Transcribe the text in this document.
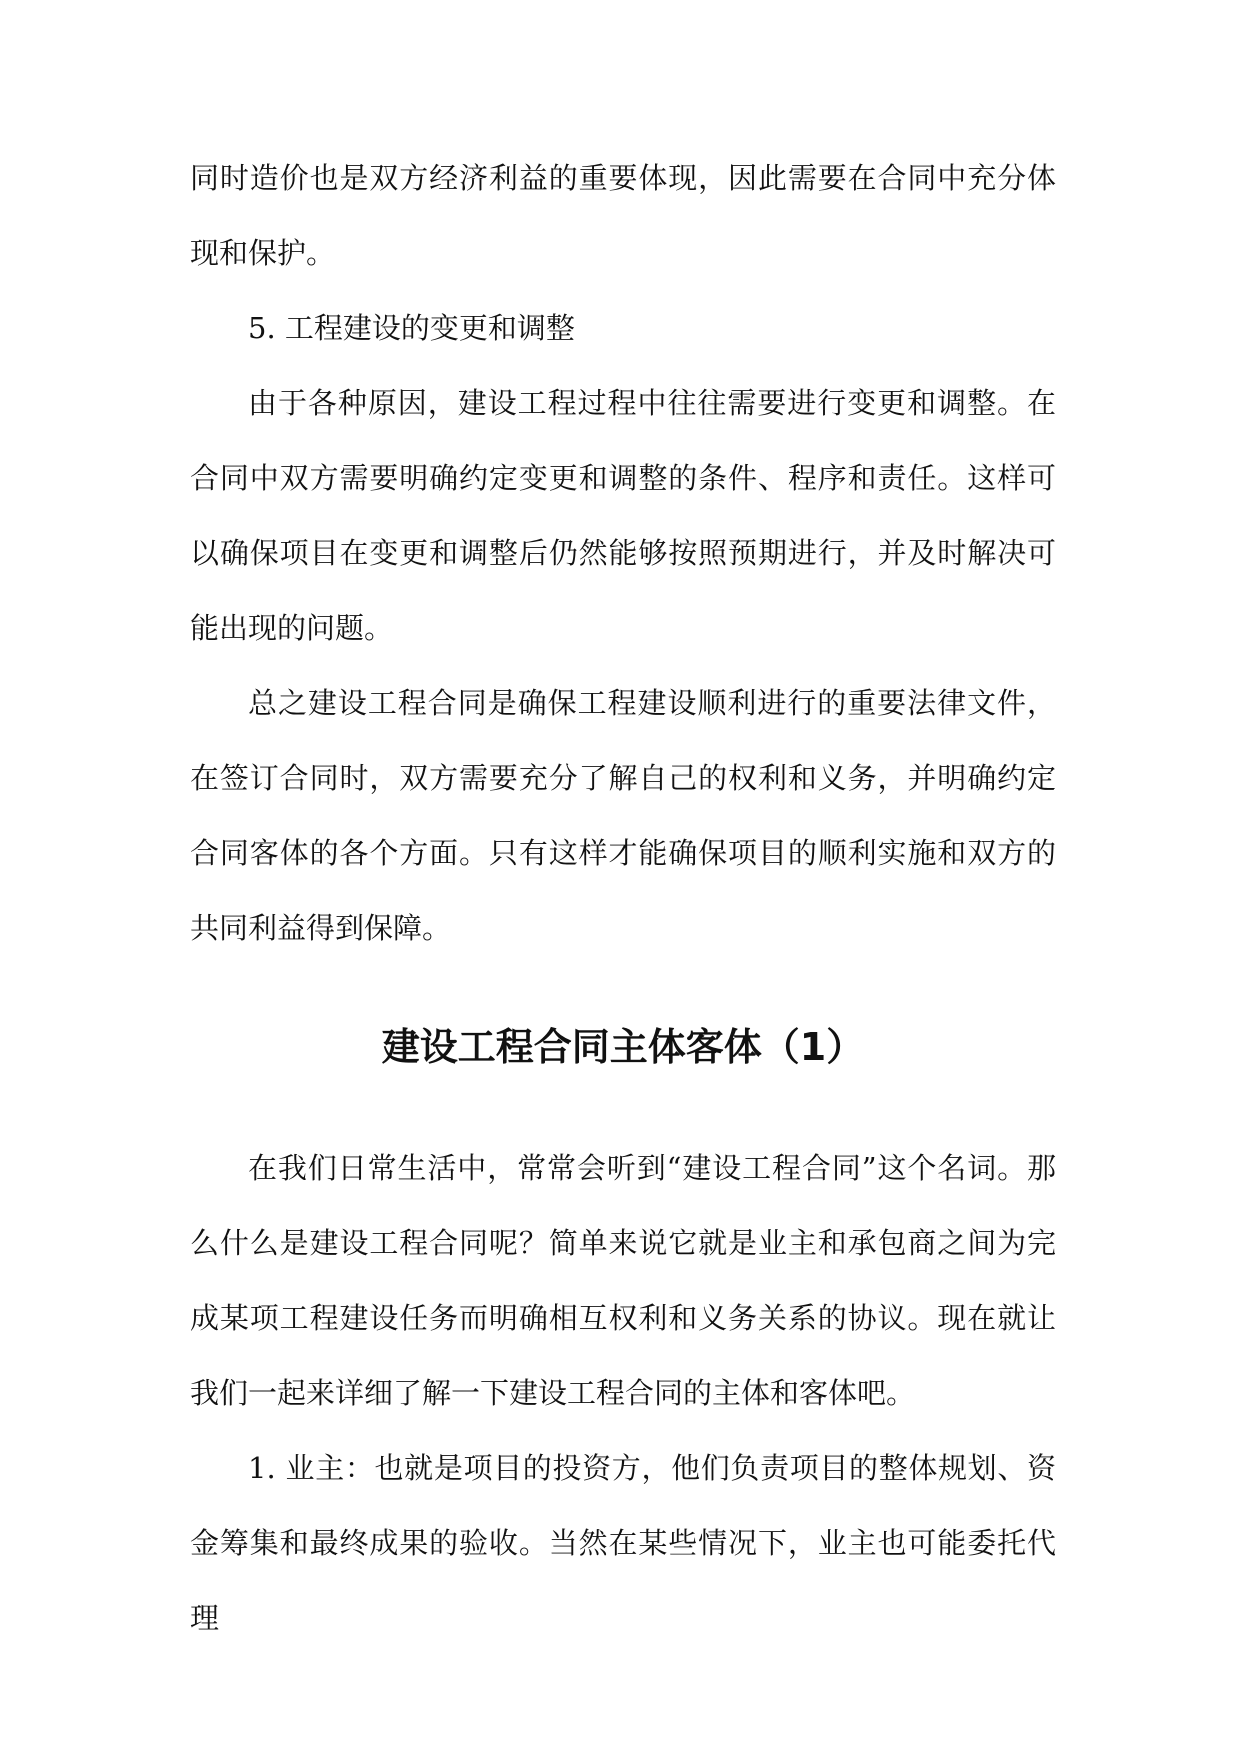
同时造价也是双方经济利益的重要体现，因此需要在合同中充分体现和保护。

5. 工程建设的变更和调整

由于各种原因，建设工程过程中往往需要进行变更和调整。在合同中双方需要明确约定变更和调整的条件、程序和责任。这样可以确保项目在变更和调整后仍然能够按照预期进行，并及时解决可能出现的问题。

总之建设工程合同是确保工程建设顺利进行的重要法律文件，在签订合同时，双方需要充分了解自己的权利和义务，并明确约定合同客体的各个方面。只有这样才能确保项目的顺利实施和双方的共同利益得到保障。

建设工程合同主体客体（1）

在我们日常生活中，常常会听到“建设工程合同”这个名词。那么什么是建设工程合同呢？简单来说它就是业主和承包商之间为完成某项工程建设任务而明确相互权利和义务关系的协议。现在就让我们一起来详细了解一下建设工程合同的主体和客体吧。

1. 业主：也就是项目的投资方，他们负责项目的整体规划、资金筹集和最终成果的验收。当然在某些情况下，业主也可能委托代理
